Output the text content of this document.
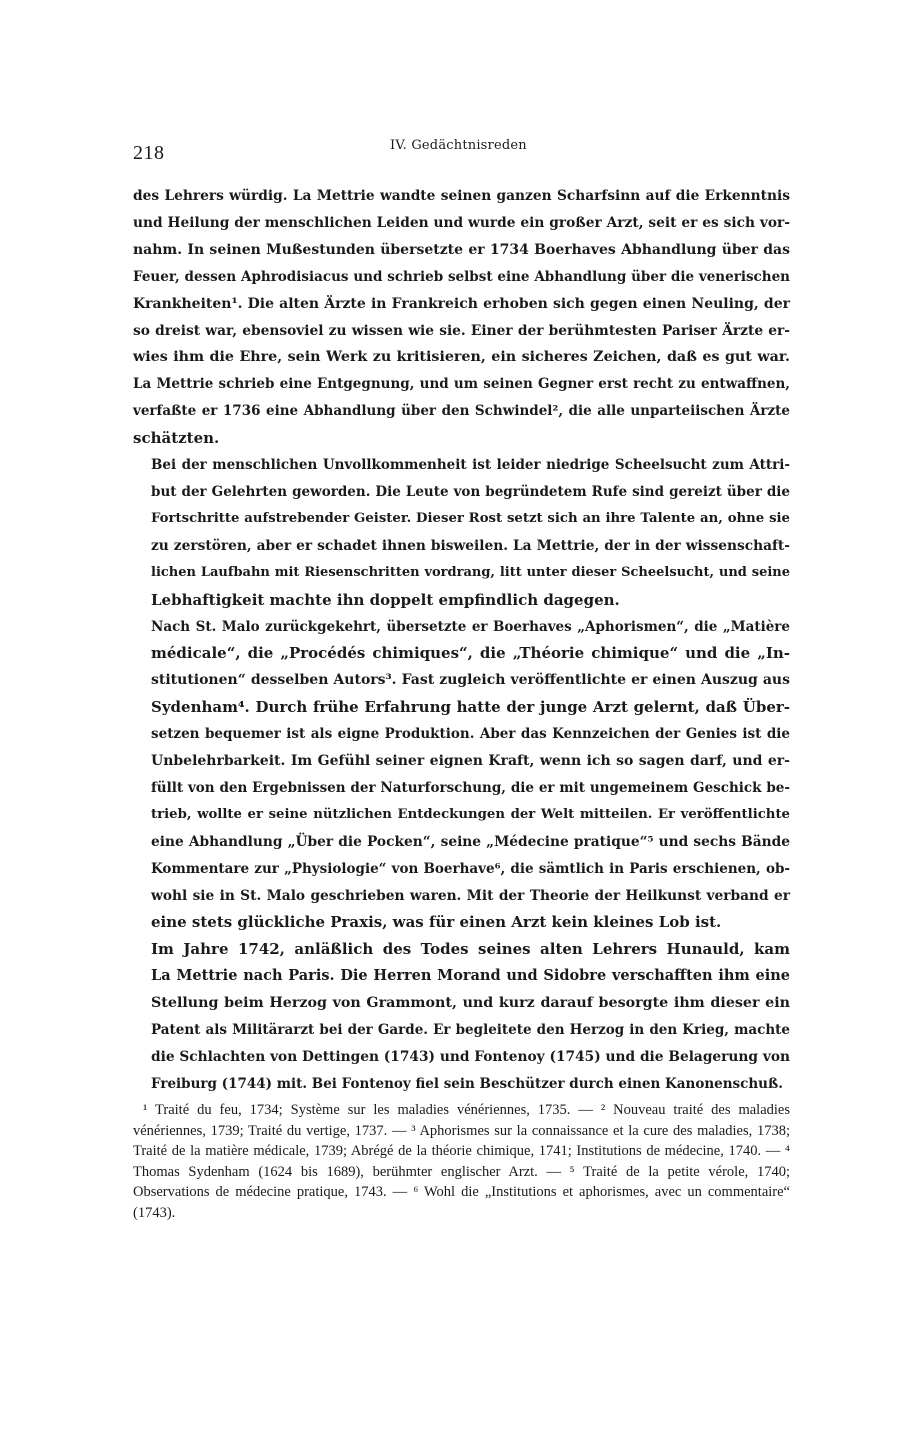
218	IV. Gedächtnisreden

des Lehrers würdig. La Mettrie wandte seinen ganzen Scharfsinn auf die Erkenntnis
und Heilung der menschlichen Leiden und wurde ein großer Arzt, seit er es sich vor-
nahm. In seinen Mußestunden übersetzte er 1734 Boerhaves Abhandlung über das
Feuer, dessen Aphrodisiacus und schrieb selbst eine Abhandlung über die venerischen
Krankheiten¹. Die alten Ärzte in Frankreich erhoben sich gegen einen Neuling, der
so dreist war, ebensoviel zu wissen wie sie. Einer der berühmtesten Pariser Ärzte er-
wies ihm die Ehre, sein Werk zu kritisieren, ein sicheres Zeichen, daß es gut war.
La Mettrie schrieb eine Entgegnung, und um seinen Gegner erst recht zu entwaffnen,
verfaßte er 1736 eine Abhandlung über den Schwindel², die alle unparteiischen Ärzte
schätzten.

Bei der menschlichen Unvollkommenheit ist leider niedrige Scheelsucht zum Attri-
but der Gelehrten geworden. Die Leute von begründetem Rufe sind gereizt über die
Fortschritte aufstrebender Geister. Dieser Rost setzt sich an ihre Talente an, ohne sie
zu zerstören, aber er schadet ihnen bisweilen. La Mettrie, der in der wissenschaft-
lichen Laufbahn mit Riesenschritten vordrang, litt unter dieser Scheelsucht, und seine
Lebhaftigkeit machte ihn doppelt empfindlich dagegen.

Nach St. Malo zurückgekehrt, übersetzte er Boerhaves „Aphorismen“, die „Matière
médicale“, die „Procédés chimiques“, die „Théorie chimique“ und die „In-
stitutionen“ desselben Autors³. Fast zugleich veröffentlichte er einen Auszug aus
Sydenham⁴. Durch frühe Erfahrung hatte der junge Arzt gelernt, daß Über-
setzen bequemer ist als eigne Produktion. Aber das Kennzeichen der Genies ist die
Unbelehrbarkeit. Im Gefühl seiner eignen Kraft, wenn ich so sagen darf, und er-
füllt von den Ergebnissen der Naturforschung, die er mit ungemeinem Geschick be-
trieb, wollte er seine nützlichen Entdeckungen der Welt mitteilen. Er veröffentlichte
eine Abhandlung „Über die Pocken“, seine „Médecine pratique“⁵ und sechs Bände
Kommentare zur „Physiologie“ von Boerhave⁶, die sämtlich in Paris erschienen, ob-
wohl sie in St. Malo geschrieben waren. Mit der Theorie der Heilkunst verband er
eine stets glückliche Praxis, was für einen Arzt kein kleines Lob ist.

Im Jahre 1742, anläßlich des Todes seines alten Lehrers Hunauld, kam
La Mettrie nach Paris. Die Herren Morand und Sidobre verschafften ihm eine
Stellung beim Herzog von Grammont, und kurz darauf besorgte ihm dieser ein
Patent als Militärarzt bei der Garde. Er begleitete den Herzog in den Krieg, machte
die Schlachten von Dettingen (1743) und Fontenoy (1745) und die Belagerung von
Freiburg (1744) mit. Bei Fontenoy fiel sein Beschützer durch einen Kanonenschuß.

¹ Traité du feu, 1734; Système sur les maladies vénériennes, 1735. — ² Nouveau traité des maladies vénériennes, 1739; Traité du vertige, 1737. — ³ Aphorismes sur la connaissance et la cure des maladies, 1738; Traité de la matière médicale, 1739; Abrégé de la théorie chimique, 1741; Institutions de médecine, 1740. — ⁴ Thomas Sydenham (1624 bis 1689), berühmter englischer Arzt. — ⁵ Traité de la petite vérole, 1740; Observations de médecine pratique, 1743. — ⁶ Wohl die „Institutions et aphorismes, avec un commentaire“ (1743).
